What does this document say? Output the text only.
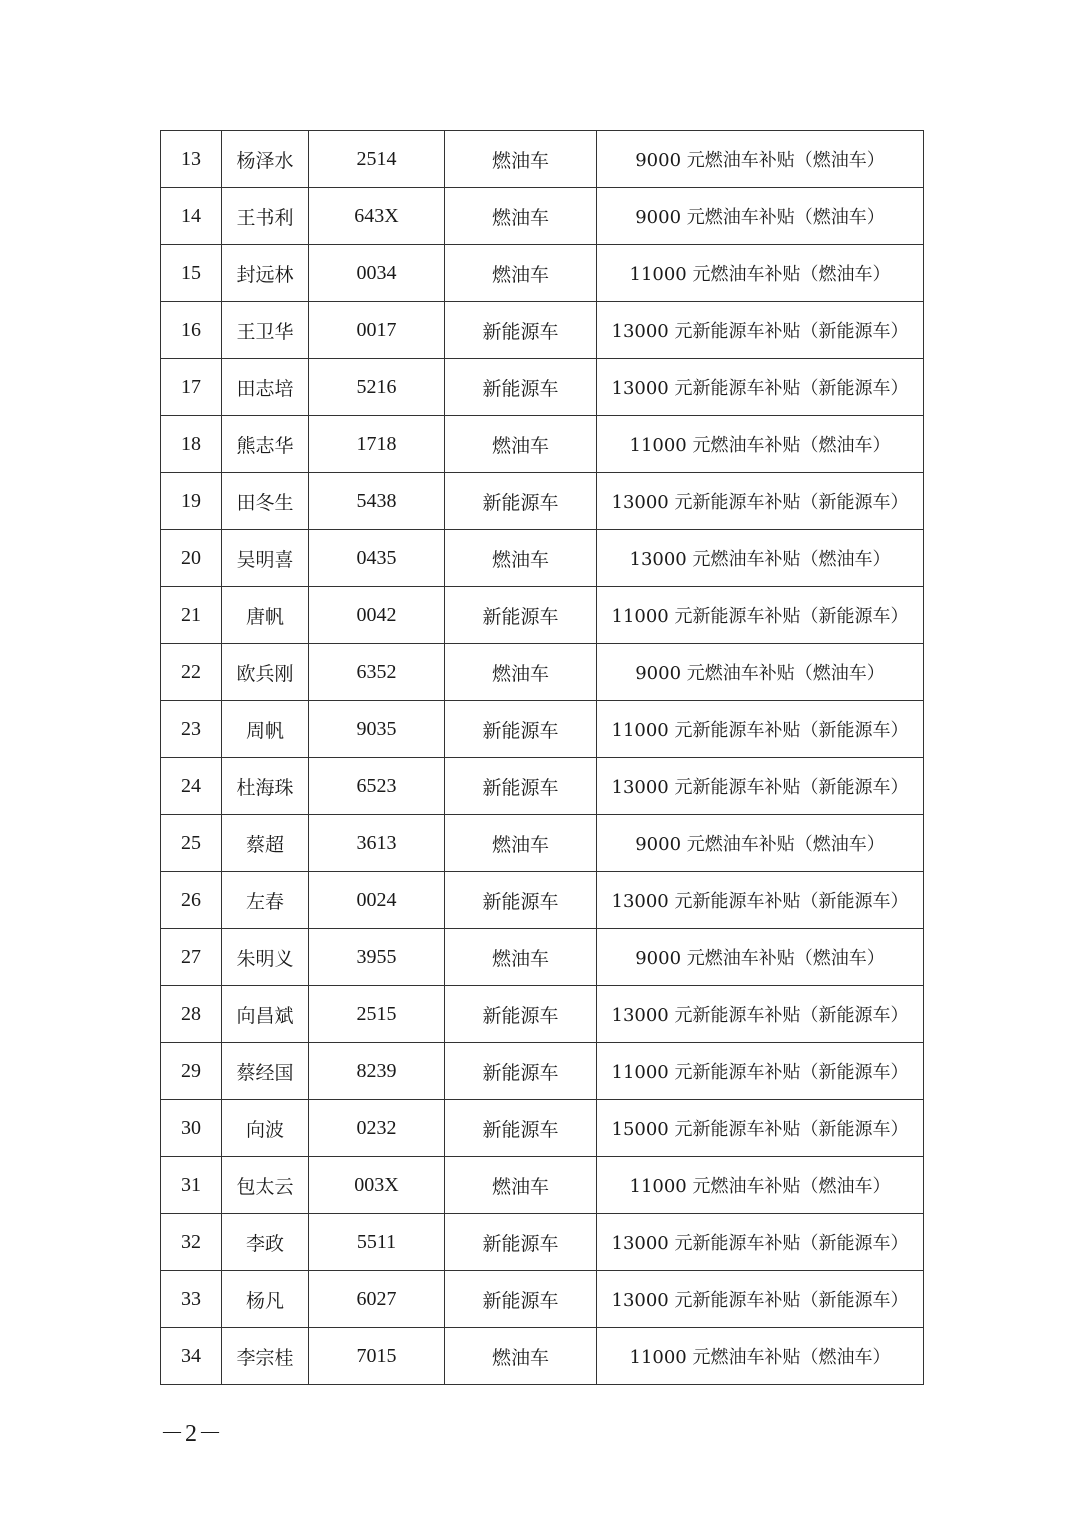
13	杨泽水	2514	燃油车	9000 元燃油车补贴（燃油车）
14	王书利	643X	燃油车	9000 元燃油车补贴（燃油车）
15	封远林	0034	燃油车	11000 元燃油车补贴（燃油车）
16	王卫华	0017	新能源车	13000 元新能源车补贴（新能源车）
17	田志培	5216	新能源车	13000 元新能源车补贴（新能源车）
18	熊志华	1718	燃油车	11000 元燃油车补贴（燃油车）
19	田冬生	5438	新能源车	13000 元新能源车补贴（新能源车）
20	吴明喜	0435	燃油车	13000 元燃油车补贴（燃油车）
21	唐帆	0042	新能源车	11000 元新能源车补贴（新能源车）
22	欧兵刚	6352	燃油车	9000 元燃油车补贴（燃油车）
23	周帆	9035	新能源车	11000 元新能源车补贴（新能源车）
24	杜海珠	6523	新能源车	13000 元新能源车补贴（新能源车）
25	蔡超	3613	燃油车	9000 元燃油车补贴（燃油车）
26	左春	0024	新能源车	13000 元新能源车补贴（新能源车）
27	朱明义	3955	燃油车	9000 元燃油车补贴（燃油车）
28	向昌斌	2515	新能源车	13000 元新能源车补贴（新能源车）
29	蔡经国	8239	新能源车	11000 元新能源车补贴（新能源车）
30	向波	0232	新能源车	15000 元新能源车补贴（新能源车）
31	包太云	003X	燃油车	11000 元燃油车补贴（燃油车）
32	李政	5511	新能源车	13000 元新能源车补贴（新能源车）
33	杨凡	6027	新能源车	13000 元新能源车补贴（新能源车）
34	李宗桂	7015	燃油车	11000 元燃油车补贴（燃油车）
－2－
